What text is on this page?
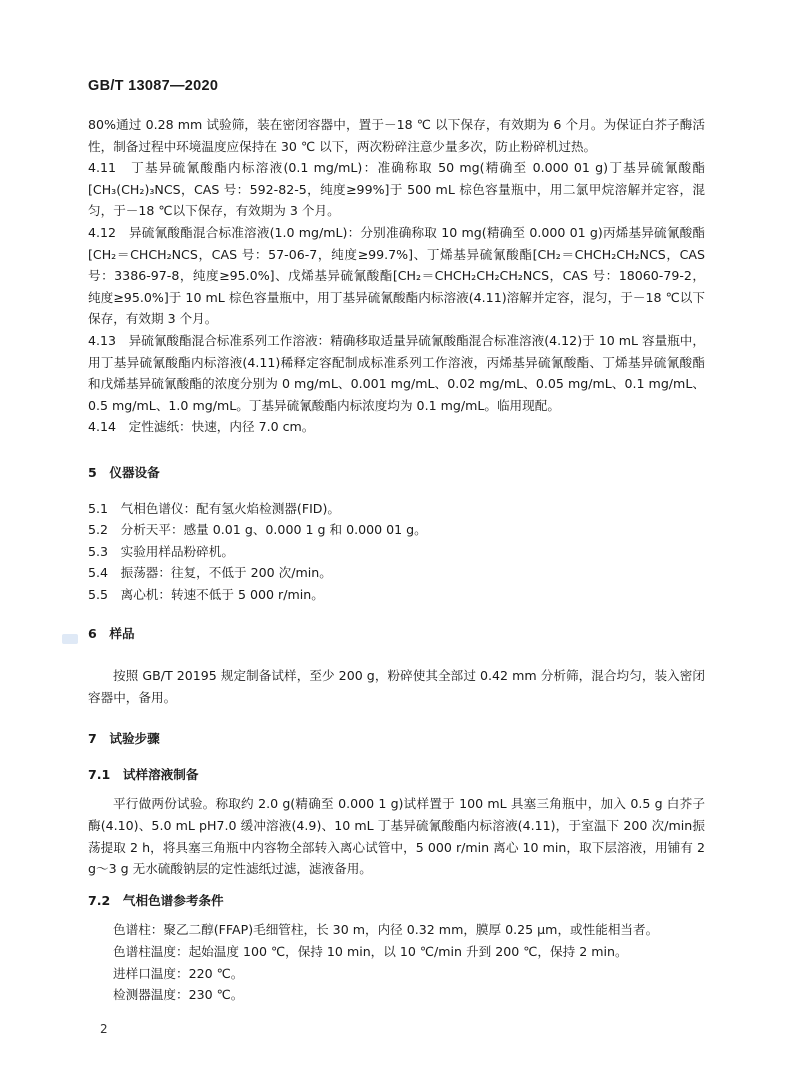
GB/T 13087—2020

80%通过 0.28 mm 试验筛，装在密闭容器中，置于－18 ℃ 以下保存，有效期为 6 个月。为保证白芥子酶活性，制备过程中环境温度应保持在 30 ℃ 以下，两次粉碎注意少量多次，防止粉碎机过热。

4.11　丁基异硫氰酸酯内标溶液(0.1 mg/mL)：准确称取 50 mg(精确至 0.000 01 g)丁基异硫氰酸酯[CH₃(CH₂)₃NCS，CAS 号：592-82-5，纯度≥99%]于 500 mL 棕色容量瓶中，用二氯甲烷溶解并定容，混匀，于－18 ℃以下保存，有效期为 3 个月。

4.12　异硫氰酸酯混合标准溶液(1.0 mg/mL)：分别准确称取 10 mg(精确至 0.000 01 g)丙烯基异硫氰酸酯[CH₂＝CHCH₂NCS，CAS 号：57-06-7，纯度≥99.7%]、丁烯基异硫氰酸酯[CH₂＝CHCH₂CH₂NCS，CAS 号：3386-97-8，纯度≥95.0%]、戊烯基异硫氰酸酯[CH₂＝CHCH₂CH₂CH₂NCS，CAS 号：18060-79-2，纯度≥95.0%]于 10 mL 棕色容量瓶中，用丁基异硫氰酸酯内标溶液(4.11)溶解并定容，混匀，于－18 ℃以下保存，有效期 3 个月。

4.13　异硫氰酸酯混合标准系列工作溶液：精确移取适量异硫氰酸酯混合标准溶液(4.12)于 10 mL 容量瓶中，用丁基异硫氰酸酯内标溶液(4.11)稀释定容配制成标准系列工作溶液，丙烯基异硫氰酸酯、丁烯基异硫氰酸酯和戊烯基异硫氰酸酯的浓度分别为 0 mg/mL、0.001 mg/mL、0.02 mg/mL、0.05 mg/mL、0.1 mg/mL、0.5 mg/mL、1.0 mg/mL。丁基异硫氰酸酯内标浓度均为 0.1 mg/mL。临用现配。

4.14　定性滤纸：快速，内径 7.0 cm。

5　仪器设备

5.1　气相色谱仪：配有氢火焰检测器(FID)。

5.2　分析天平：感量 0.01 g、0.000 1 g 和 0.000 01 g。

5.3　实验用样品粉碎机。

5.4　振荡器：往复，不低于 200 次/min。

5.5　离心机：转速不低于 5 000 r/min。

6　样品

按照 GB/T 20195 规定制备试样，至少 200 g，粉碎使其全部过 0.42 mm 分析筛，混合均匀，装入密闭容器中，备用。

7　试验步骤

7.1　试样溶液制备

平行做两份试验。称取约 2.0 g(精确至 0.000 1 g)试样置于 100 mL 具塞三角瓶中，加入 0.5 g 白芥子酶(4.10)、5.0 mL pH7.0 缓冲溶液(4.9)、10 mL 丁基异硫氰酸酯内标溶液(4.11)，于室温下 200 次/min振荡提取 2 h，将具塞三角瓶中内容物全部转入离心试管中，5 000 r/min 离心 10 min，取下层溶液，用铺有 2 g～3 g 无水硫酸钠层的定性滤纸过滤，滤液备用。

7.2　气相色谱参考条件

色谱柱：聚乙二醇(FFAP)毛细管柱，长 30 m，内径 0.32 mm，膜厚 0.25 μm，或性能相当者。

色谱柱温度：起始温度 100 ℃，保持 10 min，以 10 ℃/min 升到 200 ℃，保持 2 min。

进样口温度：220 ℃。

检测器温度：230 ℃。

2
